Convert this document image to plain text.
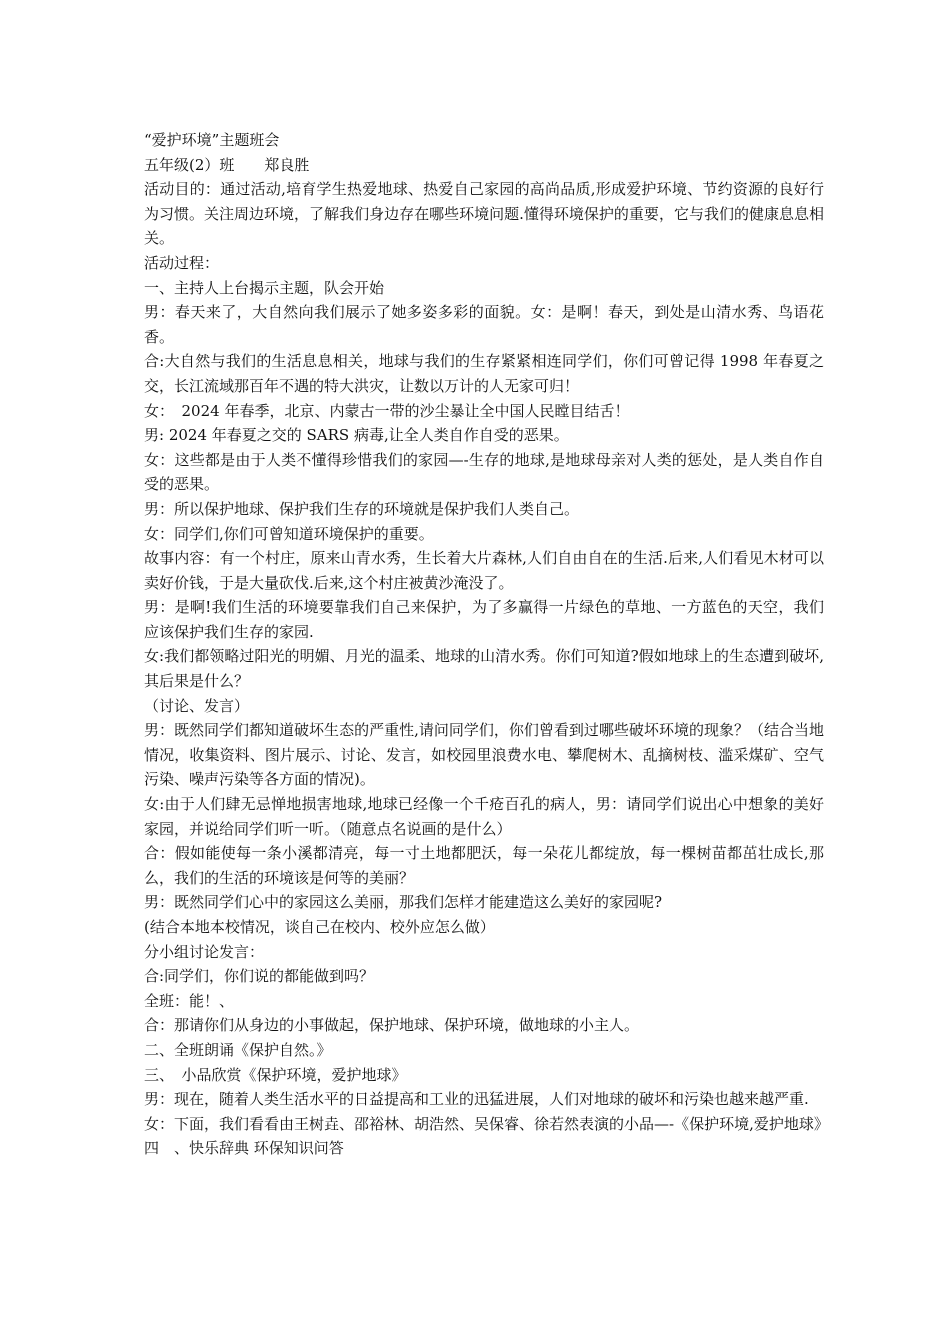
“爱护环境”主题班会

五年级(2）班　　郑良胜

活动目的：通过活动,培育学生热爱地球、热爱自己家园的高尚品质,形成爱护环境、节约资源的良好行为习惯。关注周边环境，了解我们身边存在哪些环境问题.懂得环境保护的重要，它与我们的健康息息相关。

活动过程：

一、主持人上台揭示主题，队会开始

男：春天来了，大自然向我们展示了她多姿多彩的面貌。女：是啊！春天，到处是山清水秀、鸟语花香。

合:大自然与我们的生活息息相关，地球与我们的生存紧紧相连同学们，你们可曾记得 1998 年春夏之交，长江流域那百年不遇的特大洪灾，让数以万计的人无家可归！

女：　2024 年春季，北京、内蒙古一带的沙尘暴让全中国人民瞠目结舌！

男: 2024 年春夏之交的 SARS 病毒,让全人类自作自受的恶果。

女：这些都是由于人类不懂得珍惜我们的家园—-生存的地球,是地球母亲对人类的惩处，是人类自作自受的恶果。

男：所以保护地球、保护我们生存的环境就是保护我们人类自己。

女：同学们,你们可曾知道环境保护的重要。

故事内容：有一个村庄，原来山青水秀，生长着大片森林,人们自由自在的生活.后来,人们看见木材可以卖好价钱，于是大量砍伐.后来,这个村庄被黄沙淹没了。

男：是啊!我们生活的环境要靠我们自己来保护，为了多赢得一片绿色的草地、一方蓝色的天空，我们应该保护我们生存的家园.

女:我们都领略过阳光的明媚、月光的温柔、地球的山清水秀。你们可知道?假如地球上的生态遭到破坏,其后果是什么？

（讨论、发言）

男：既然同学们都知道破坏生态的严重性,请问同学们，你们曾看到过哪些破坏环境的现象？（结合当地情况，收集资料、图片展示、讨论、发言，如校园里浪费水电、攀爬树木、乱摘树枝、滥采煤矿、空气污染、噪声污染等各方面的情况)。

女:由于人们肆无忌惮地损害地球,地球已经像一个千疮百孔的病人，男：请同学们说出心中想象的美好家园，并说给同学们听一听。（随意点名说画的是什么）

合：假如能使每一条小溪都清亮，每一寸土地都肥沃，每一朵花儿都绽放，每一棵树苗都茁壮成长,那么，我们的生活的环境该是何等的美丽？

男：既然同学们心中的家园这么美丽，那我们怎样才能建造这么美好的家园呢?

(结合本地本校情况，谈自己在校内、校外应怎么做）

分小组讨论发言：

合:同学们，你们说的都能做到吗？

全班：能！、

合：那请你们从身边的小事做起，保护地球、保护环境，做地球的小主人。

二、全班朗诵《保护自然。》

三、　小品欣赏《保护环境，爱护地球》

男：现在，随着人类生活水平的日益提高和工业的迅猛进展，人们对地球的破坏和污染也越来越严重.

女：下面，我们看看由王树垚、邵裕林、胡浩然、吴保睿、徐若然表演的小品—-《保护环境,爱护地球》

四　、快乐辞典 环保知识问答
